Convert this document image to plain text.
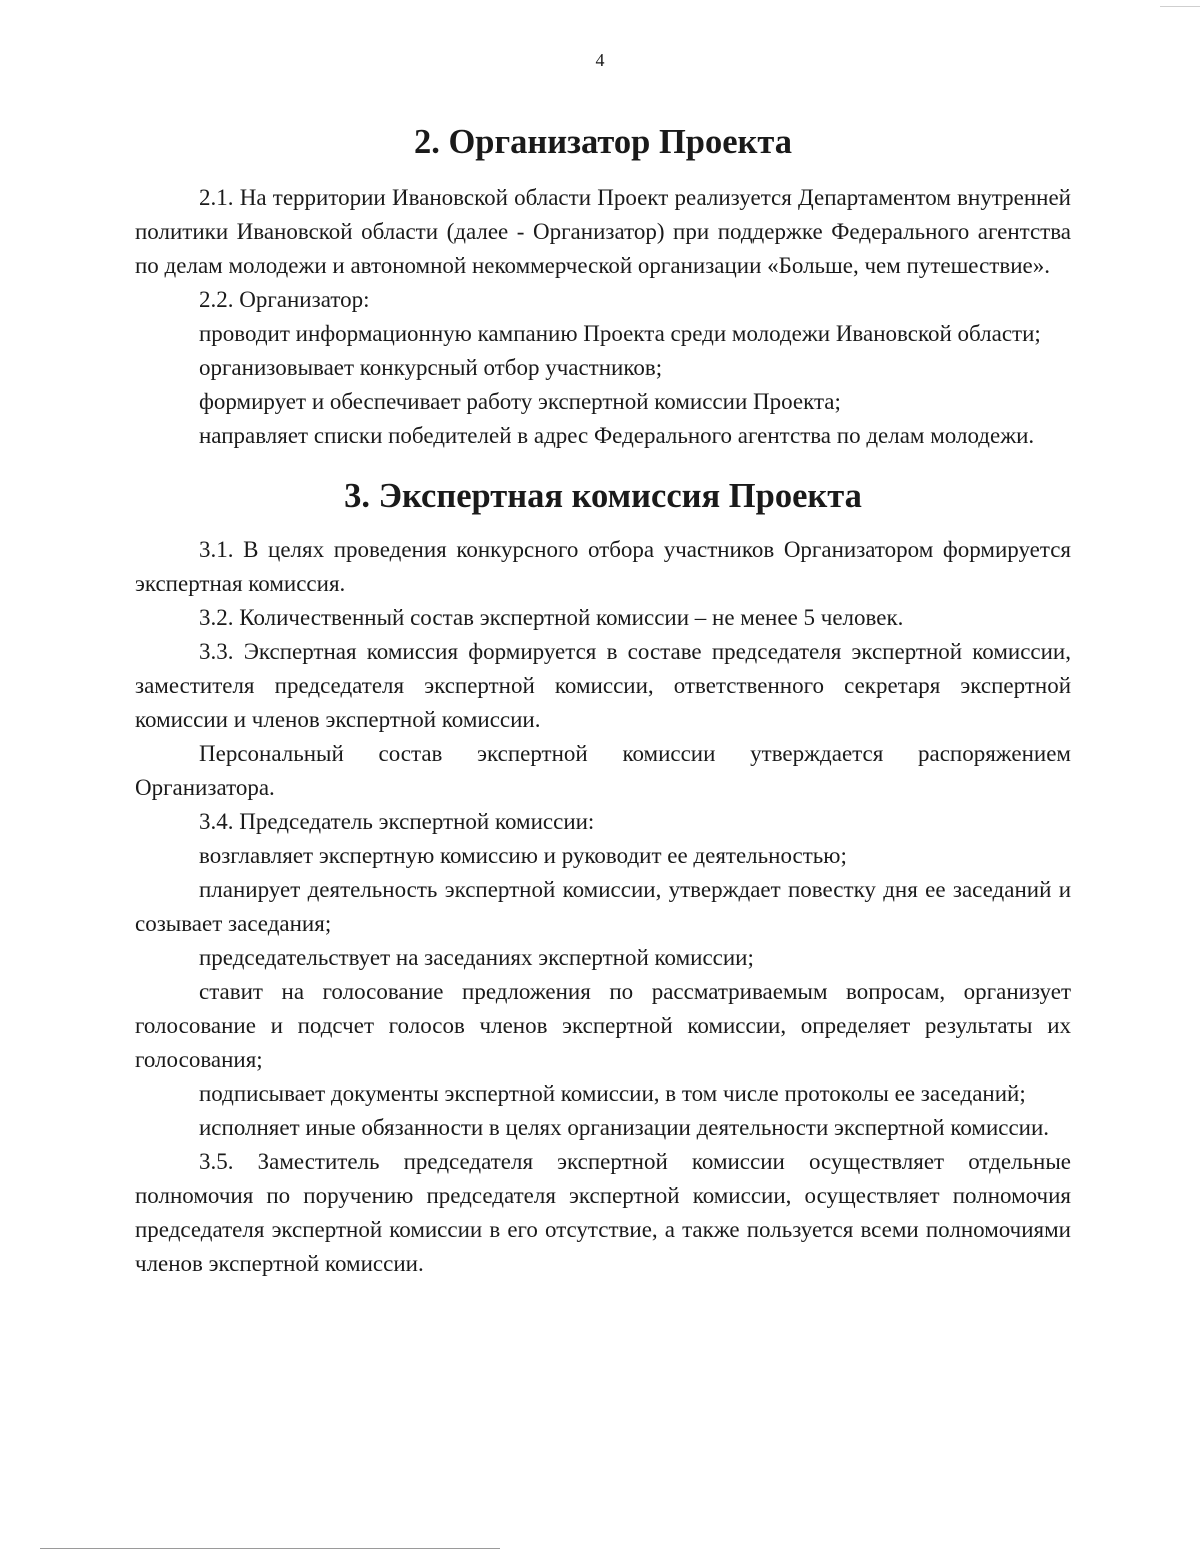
4
2. Организатор Проекта

2.1. На территории Ивановской области Проект реализуется Департаментом внутренней политики Ивановской области (далее - Организатор) при поддержке Федерального агентства по делам молодежи и автономной некоммерческой организации «Больше, чем путешествие».

2.2. Организатор:

проводит информационную кампанию Проекта среди молодежи Ивановской области;

организовывает конкурсный отбор участников;

формирует и обеспечивает работу экспертной комиссии Проекта;

направляет списки победителей в адрес Федерального агентства по делам молодежи.

3. Экспертная комиссия Проекта

3.1. В целях проведения конкурсного отбора участников Организатором формируется экспертная комиссия.

3.2. Количественный состав экспертной комиссии – не менее 5 человек.

3.3. Экспертная комиссия формируется в составе председателя экспертной комиссии, заместителя председателя экспертной комиссии, ответственного секретаря экспертной комиссии и членов экспертной комиссии.

Персональный состав экспертной комиссии утверждается распоряжением Организатора.

3.4. Председатель экспертной комиссии:

возглавляет экспертную комиссию и руководит ее деятельностью;

планирует деятельность экспертной комиссии, утверждает повестку дня ее заседаний и созывает заседания;

председательствует на заседаниях экспертной комиссии;

ставит на голосование предложения по рассматриваемым вопросам, организует голосование и подсчет голосов членов экспертной комиссии, определяет результаты их голосования;

подписывает документы экспертной комиссии, в том числе протоколы ее заседаний;

исполняет иные обязанности в целях организации деятельности экспертной комиссии.

3.5. Заместитель председателя экспертной комиссии осуществляет отдельные полномочия по поручению председателя экспертной комиссии, осуществляет полномочия председателя экспертной комиссии в его отсутствие, а также пользуется всеми полномочиями членов экспертной комиссии.
